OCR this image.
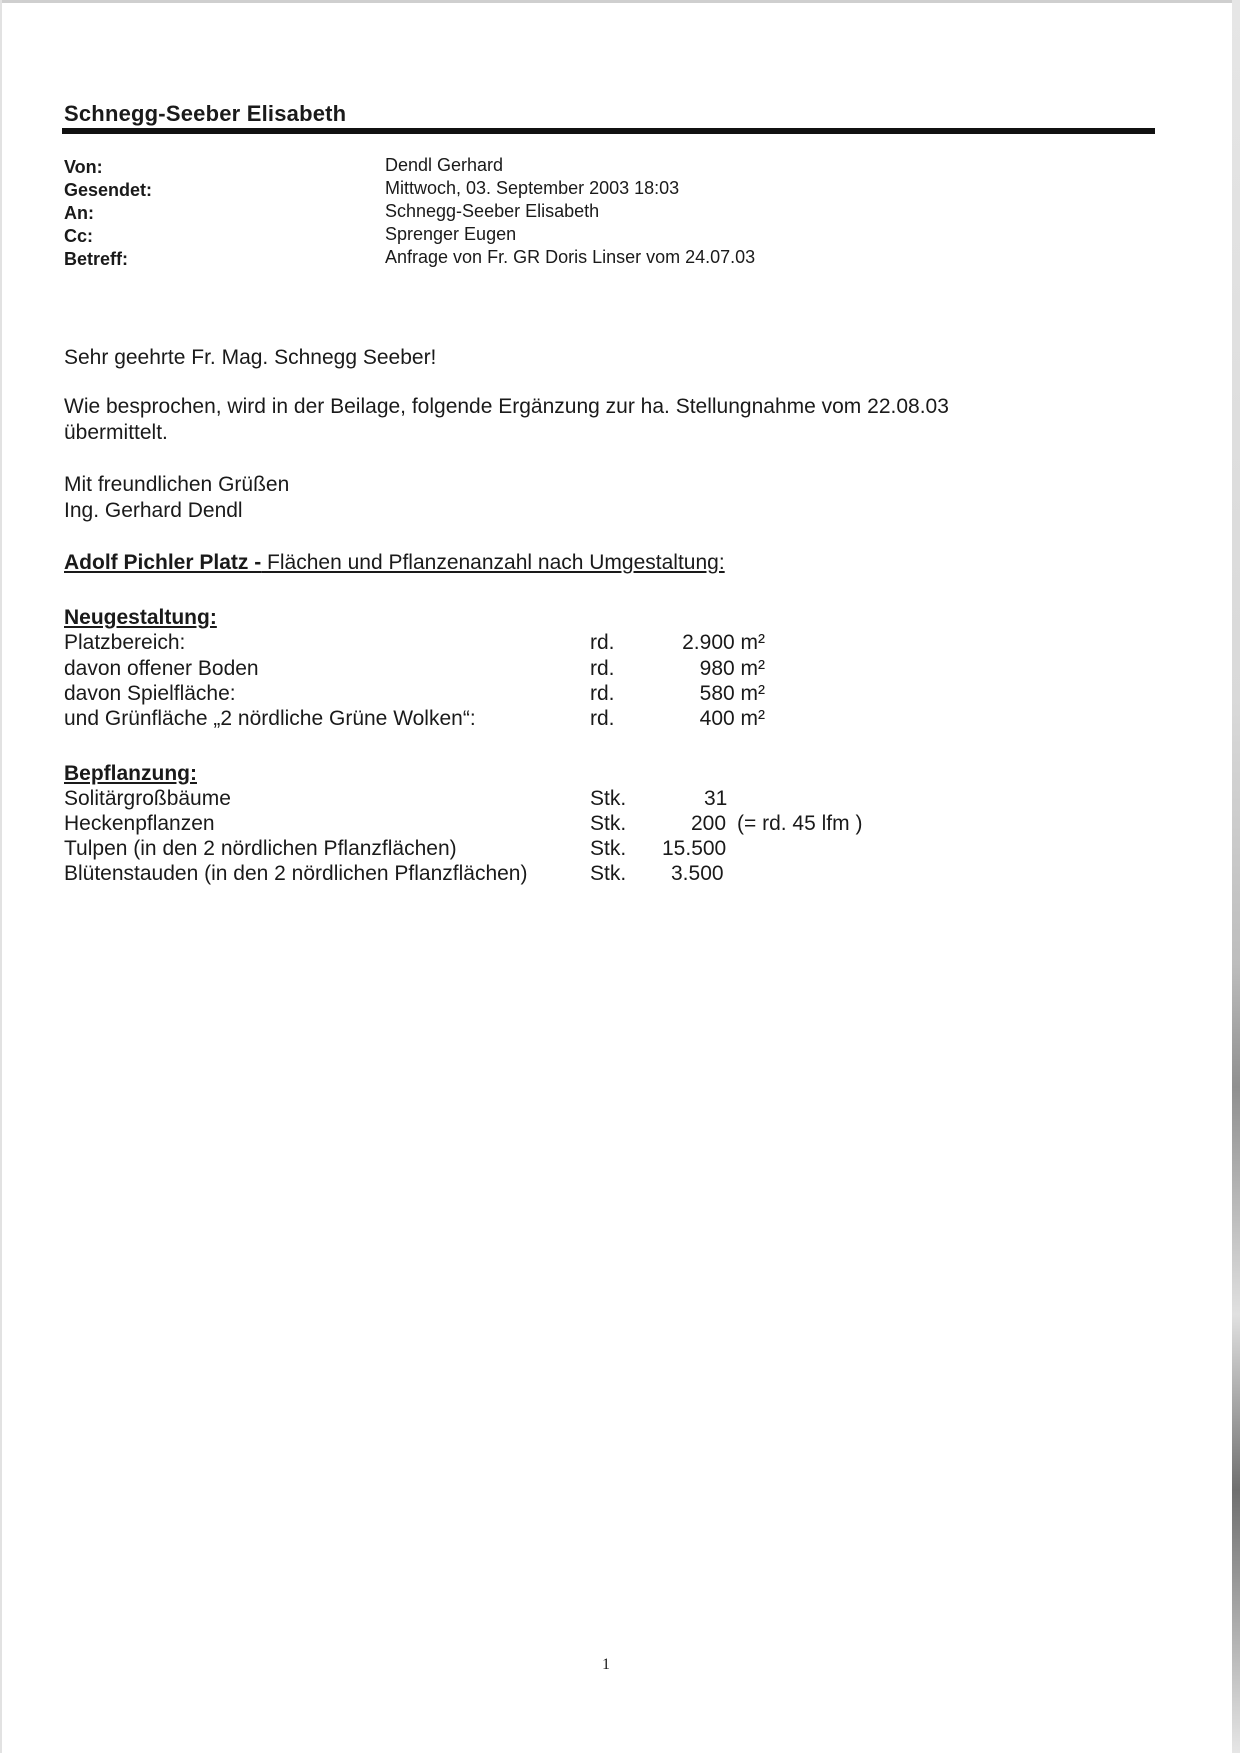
Schnegg-Seeber Elisabeth
Von:	Dendl Gerhard
Gesendet:	Mittwoch, 03. September 2003 18:03
An:	Schnegg-Seeber Elisabeth
Cc:	Sprenger Eugen
Betreff:	Anfrage von Fr. GR Doris Linser vom 24.07.03
Sehr geehrte Fr. Mag. Schnegg Seeber!
Wie besprochen, wird in der Beilage, folgende Ergänzung zur ha. Stellungnahme vom 22.08.03
übermittelt.
Mit freundlichen Grüßen
Ing. Gerhard Dendl
Adolf Pichler Platz - Flächen und Pflanzenanzahl nach Umgestaltung:
Neugestaltung:
Platzbereich:	rd.	2.900 m²
davon offener Boden	rd.	980 m²
davon Spielfläche:	rd.	580 m²
und Grünfläche „2 nördliche Grüne Wolken“:	rd.	400 m²
Bepflanzung:
Solitärgroßbäume	Stk.	31
Heckenpflanzen	Stk.	200 (= rd. 45 lfm )
Tulpen (in den 2 nördlichen Pflanzflächen)	Stk. 15.500
Blütenstauden (in den 2 nördlichen Pflanzflächen)	Stk. 3.500
1
